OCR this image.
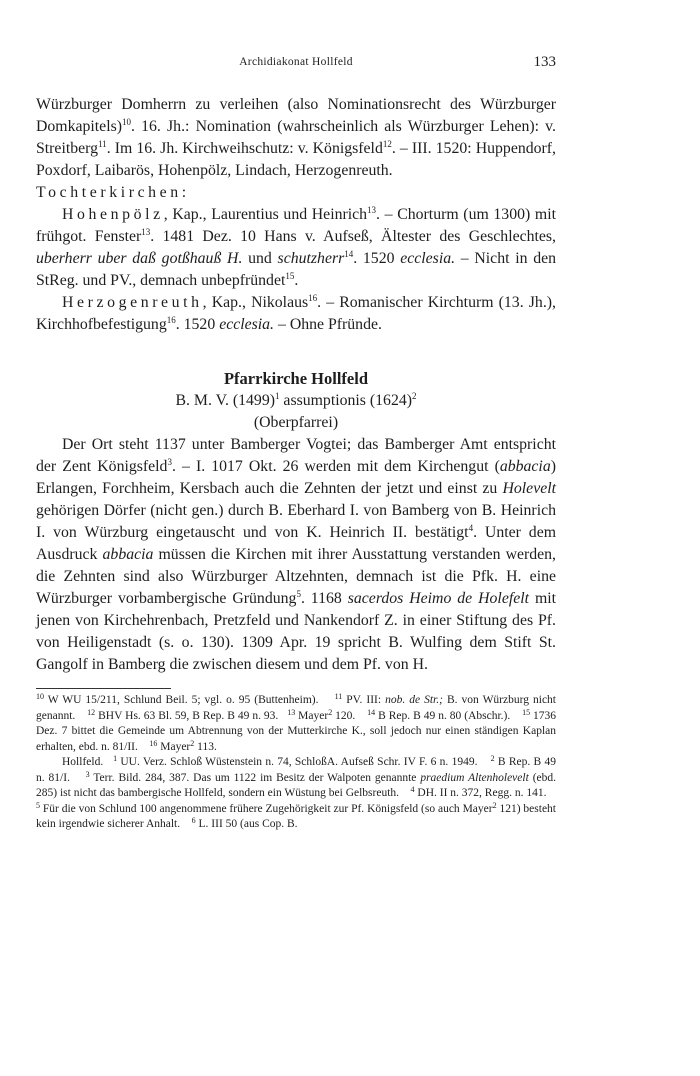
Archidiakonat Hollfeld	133

Würzburger Domherrn zu verleihen (also Nominationsrecht des Würzburger Domkapitels)$^{10}$. 16. Jh.: Nomination (wahrscheinlich als Würzburger Lehen): v. Streitberg$^{11}$. Im 16. Jh. Kirchweihschutz: v. Königsfeld$^{12}$. – III. 1520: Huppendorf, Poxdorf, Laibarös, Hohenpölz, Lindach, Herzogenreuth.

Tochterkirchen:

Hohenpölz, Kap., Laurentius und Heinrich$^{13}$. – Chorturm (um 1300) mit frühgot. Fenster$^{13}$. 1481 Dez. 10 Hans v. Aufseß, Ältester des Geschlechtes, uberherr uber daß gotßhauß H. und schutzherr$^{14}$. 1520 ecclesia. – Nicht in den StReg. und PV., demnach unbepfründet$^{15}$.

Herzogenreuth, Kap., Nikolaus$^{16}$. – Romanischer Kirchturm (13. Jh.), Kirchhofbefestigung$^{16}$. 1520 ecclesia. – Ohne Pfründe.

Pfarrkirche Hollfeld

B. M. V. $(1499)^1$ assumptionis $(1624)^2$

(Oberpfarrei)

Der Ort steht 1137 unter Bamberger Vogtei; das Bamberger Amt entspricht der Zent Königsfeld$^3$. – I. 1017 Okt. 26 werden mit dem Kirchengut (abbacia) Erlangen, Forchheim, Kersbach auch die Zehnten der jetzt und einst zu Holevelt gehörigen Dörfer (nicht gen.) durch B. Eberhard I. von Bamberg von B. Heinrich I. von Würzburg eingetauscht und von K. Heinrich II. bestätigt$^4$. Unter dem Ausdruck abbacia müssen die Kirchen mit ihrer Ausstattung verstanden werden, die Zehnten sind also Würzburger Altzehnten, demnach ist die Pfk. H. eine Würzburger vorbambergische Gründung$^5$. 1168 sacerdos Heimo de Holefelt mit jenen von Kirchehrenbach, Pretzfeld und Nankendorf Z. in einer Stiftung des Pf. von Heiligenstadt (s. o. 130). 1309 Apr. 19 spricht B. Wulfing dem Stift St. Gangolf in Bamberg die zwischen diesem und dem Pf. von H.

$^{10}$ W WU 15/211, Schlund Beil. 5; vgl. o. 95 (Buttenheim). $^{11}$ PV. III: nob. de Str.; B. von Würzburg nicht genannt. $^{12}$ BHV Hs. 63 Bl. 59, B Rep. B 49 n. 93. $^{13}$ Mayer$^2$ 120. $^{14}$ B Rep. B 49 n. 80 (Abschr.). $^{15}$ 1736 Dez. 7 bittet die Gemeinde um Abtrennung von der Mutterkirche K., soll jedoch nur einen ständigen Kaplan erhalten, ebd. n. 81/II. $^{16}$ Mayer$^2$ 113.

Hollfeld. $^1$ UU. Verz. Schloß Wüstenstein n. 74, SchloßA. Aufseß Schr. IV F. 6 n. 1949. $^2$ B Rep. B 49 n. 81/I. $^3$ Terr. Bild. 284, 387. Das um 1122 im Besitz der Walpoten genannte praedium Altenholevelt (ebd. 285) ist nicht das bambergische Hollfeld, sondern ein Wüstung bei Gelbsreuth. $^4$ DH. II n. 372, Regg. n. 141.

$^5$ Für die von Schlund 100 angenommene frühere Zugehörigkeit zur Pf. Königsfeld (so auch Mayer$^2$ 121) besteht kein irgendwie sicherer Anhalt. $^6$ L. III 50 (aus Cop. B.
